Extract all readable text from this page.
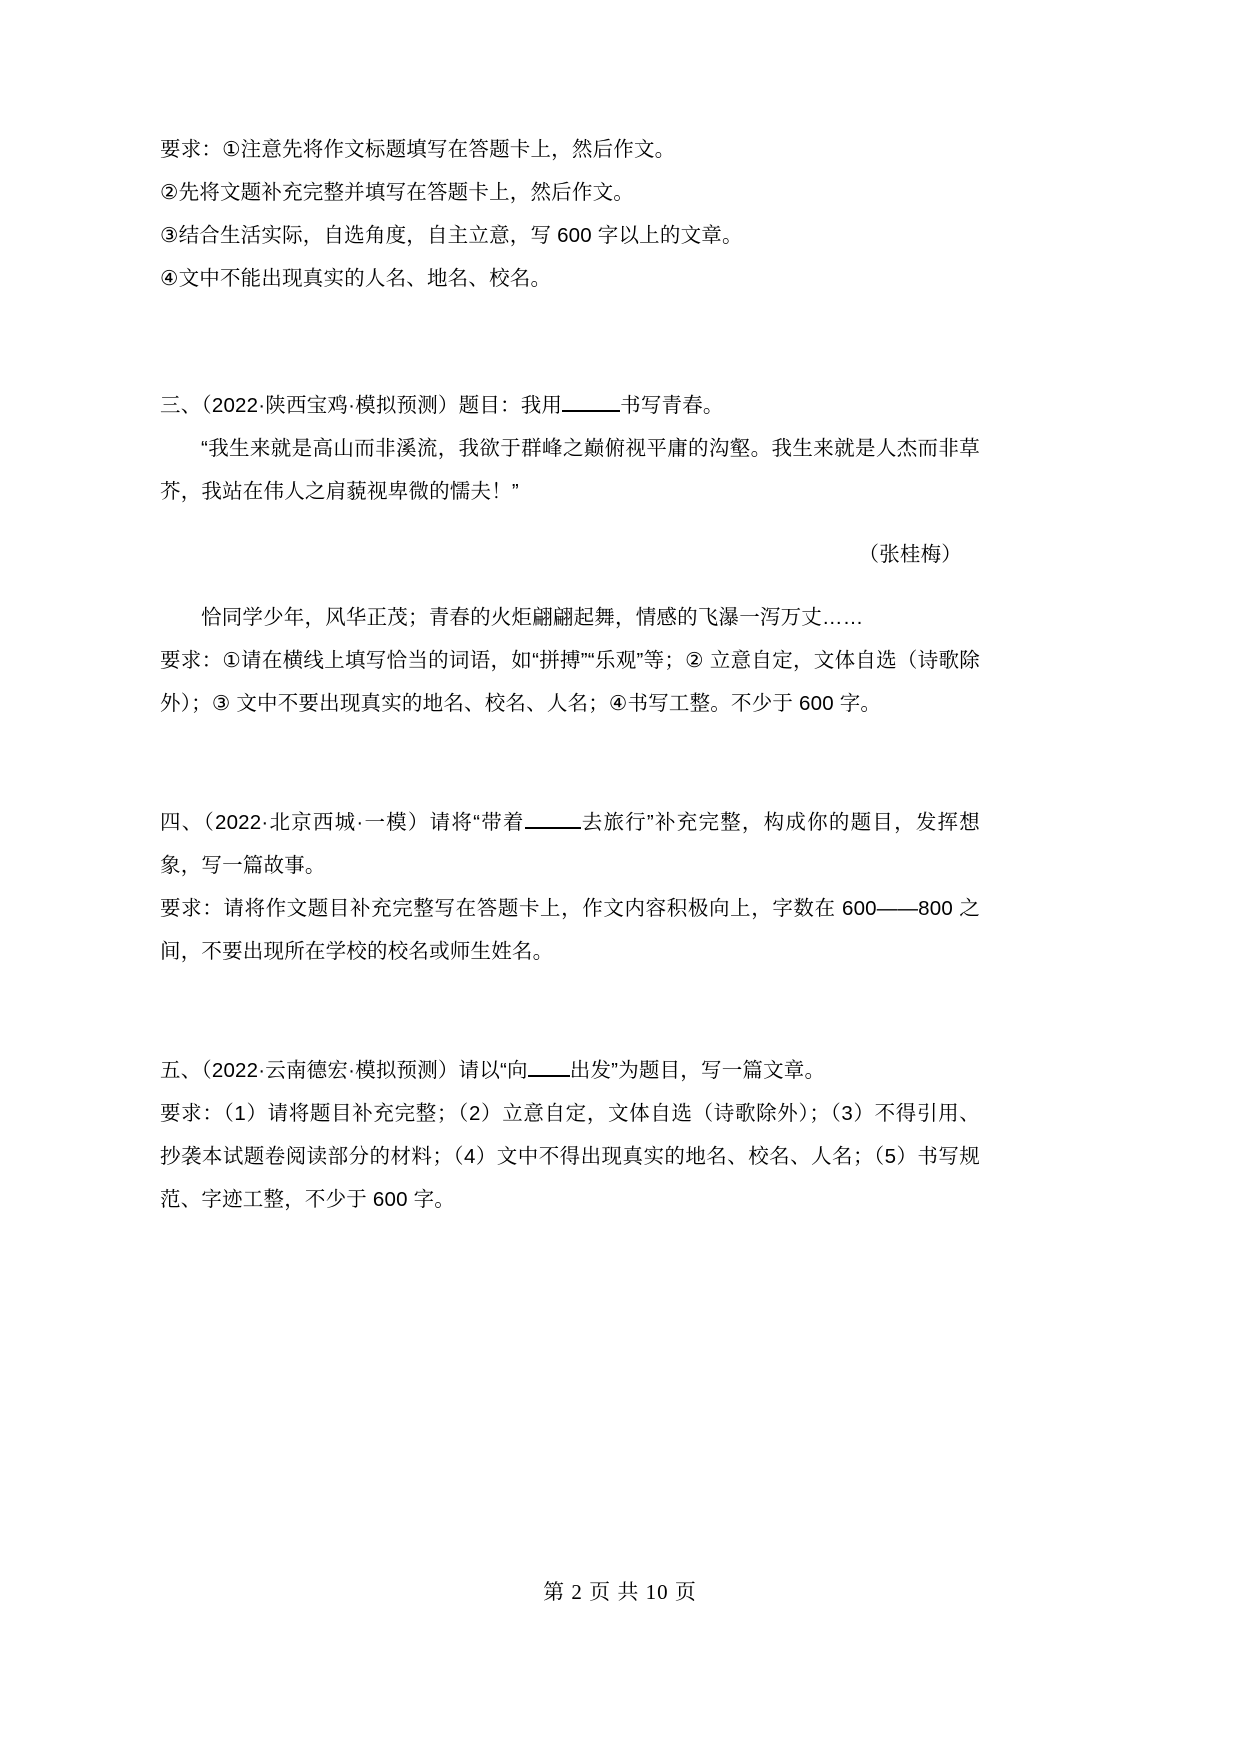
要求：①注意先将作文标题填写在答题卡上，然后作文。

②先将文题补充完整并填写在答题卡上，然后作文。

③结合生活实际，自选角度，自主立意，写 600 字以上的文章。

④文中不能出现真实的人名、地名、校名。

三、（2022·陕西宝鸡·模拟预测）题目：我用	书写青春。

“我生来就是高山而非溪流，我欲于群峰之巅俯视平庸的沟壑。我生来就是人杰而非草芥，我站在伟人之肩藐视卑微的懦夫！”

（张桂梅）

恰同学少年，风华正茂；青春的火炬翩翩起舞，情感的飞瀑一泻万丈……

要求：①请在横线上填写恰当的词语，如“拼搏”“乐观”等；② 立意自定，文体自选（诗歌除外）；③ 文中不要出现真实的地名、校名、人名；④书写工整。不少于 600 字。

四、（2022·北京西城·一模）请将“带着	去旅行”补充完整，构成你的题目，发挥想象，写一篇故事。

要求：请将作文题目补充完整写在答题卡上，作文内容积极向上，字数在 600——800 之间，不要出现所在学校的校名或师生姓名。

五、（2022·云南德宏·模拟预测）请以“向 出发”为题目，写一篇文章。

要求：（1）请将题目补充完整；（2）立意自定，文体自选（诗歌除外）；（3）不得引用、抄袭本试题卷阅读部分的材料；（4）文中不得出现真实的地名、校名、人名；（5）书写规范、字迹工整，不少于 600 字。

第 2 页 共 10 页
